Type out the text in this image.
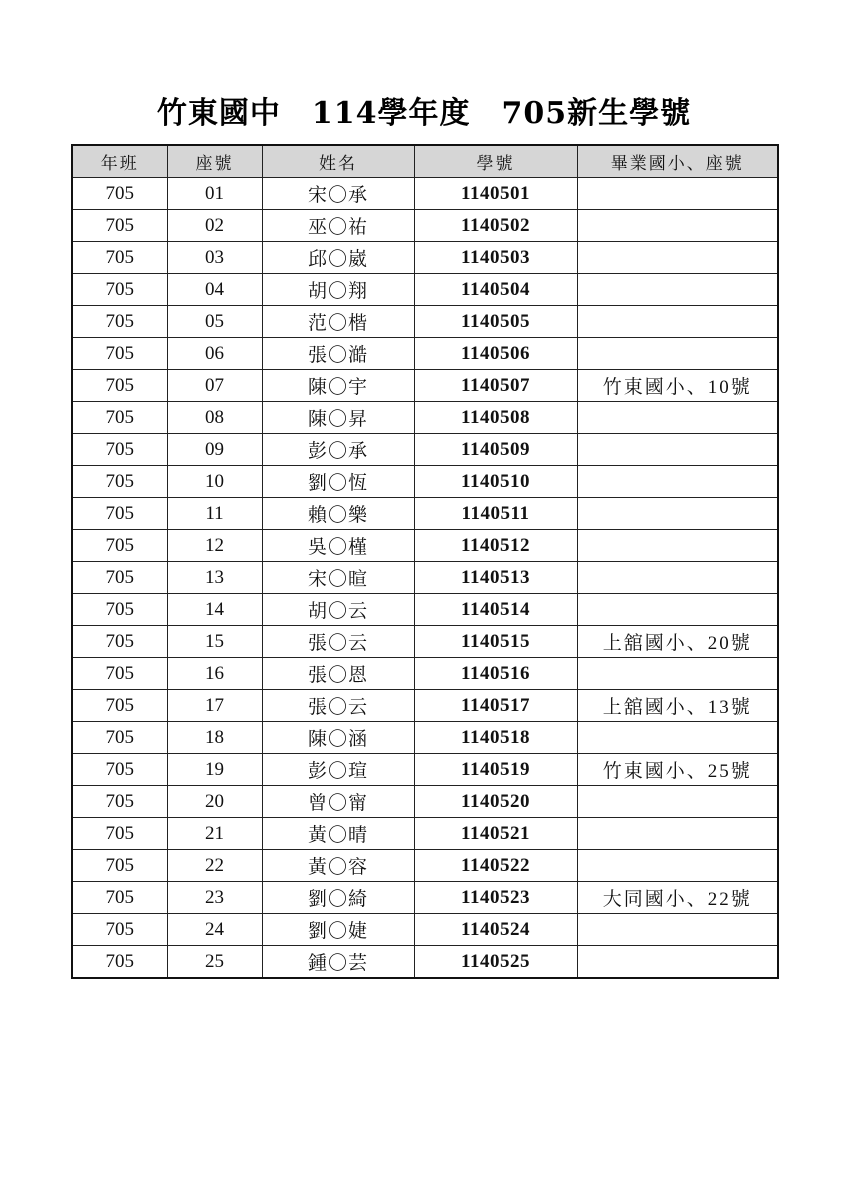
竹東國中　114學年度　705新生學號
年班	座號	姓名	學號	畢業國小、座號
705	01	宋〇承	1140501	
705	02	巫〇祐	1140502	
705	03	邱〇崴	1140503	
705	04	胡〇翔	1140504	
705	05	范〇楷	1140505	
705	06	張〇澔	1140506	
705	07	陳〇宇	1140507	竹東國小、10號
705	08	陳〇昇	1140508	
705	09	彭〇承	1140509	
705	10	劉〇恆	1140510	
705	11	賴〇樂	1140511	
705	12	吳〇槿	1140512	
705	13	宋〇暄	1140513	
705	14	胡〇云	1140514	
705	15	張〇云	1140515	上舘國小、20號
705	16	張〇恩	1140516	
705	17	張〇云	1140517	上舘國小、13號
705	18	陳〇涵	1140518	
705	19	彭〇瑄	1140519	竹東國小、25號
705	20	曾〇甯	1140520	
705	21	黃〇晴	1140521	
705	22	黃〇容	1140522	
705	23	劉〇綺	1140523	大同國小、22號
705	24	劉〇婕	1140524	
705	25	鍾〇芸	1140525	
